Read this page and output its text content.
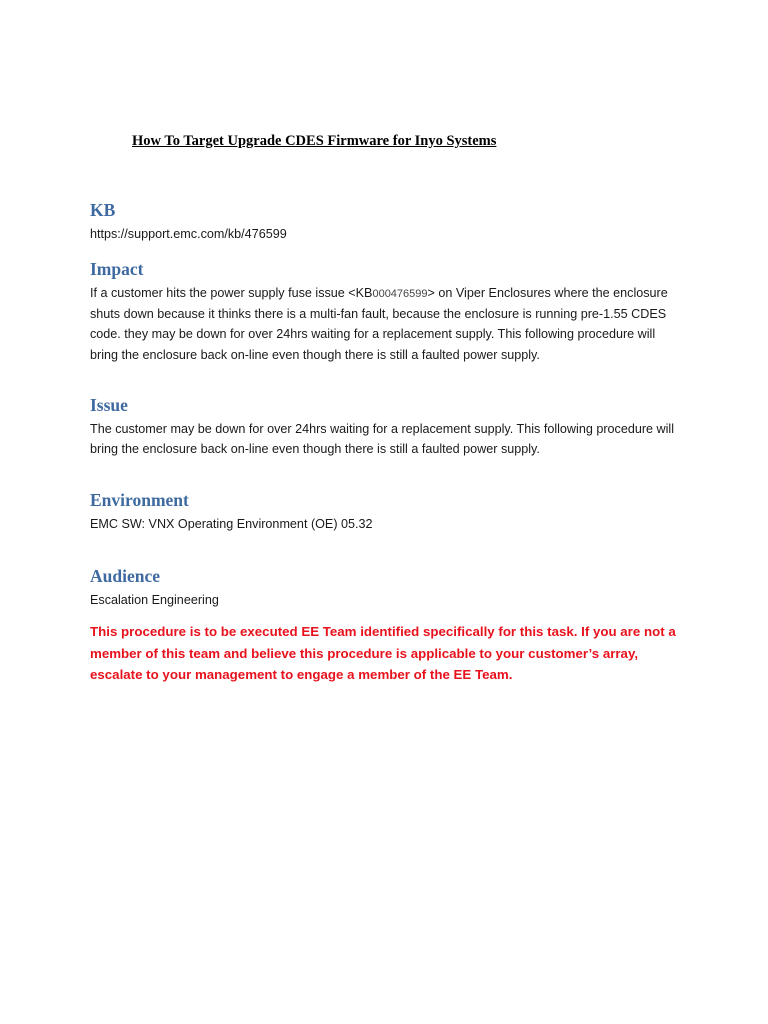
How To Target Upgrade CDES Firmware for Inyo Systems
KB

https://support.emc.com/kb/476599

Impact

If a customer hits the power supply fuse issue <KB000476599> on Viper Enclosures where the enclosure shuts down because it thinks there is a multi-fan fault, because the enclosure is running pre-1.55 CDES code. they may be down for over 24hrs waiting for a replacement supply. This following procedure will bring the enclosure back on-line even though there is still a faulted power supply.

Issue

The customer may be down for over 24hrs waiting for a replacement supply. This following procedure will bring the enclosure back on-line even though there is still a faulted power supply.

Environment

EMC SW: VNX Operating Environment (OE) 05.32

Audience

Escalation Engineering

This procedure is to be executed EE Team identified specifically for this task. If you are not a member of this team and believe this procedure is applicable to your customer’s array, escalate to your management to engage a member of the EE Team.
